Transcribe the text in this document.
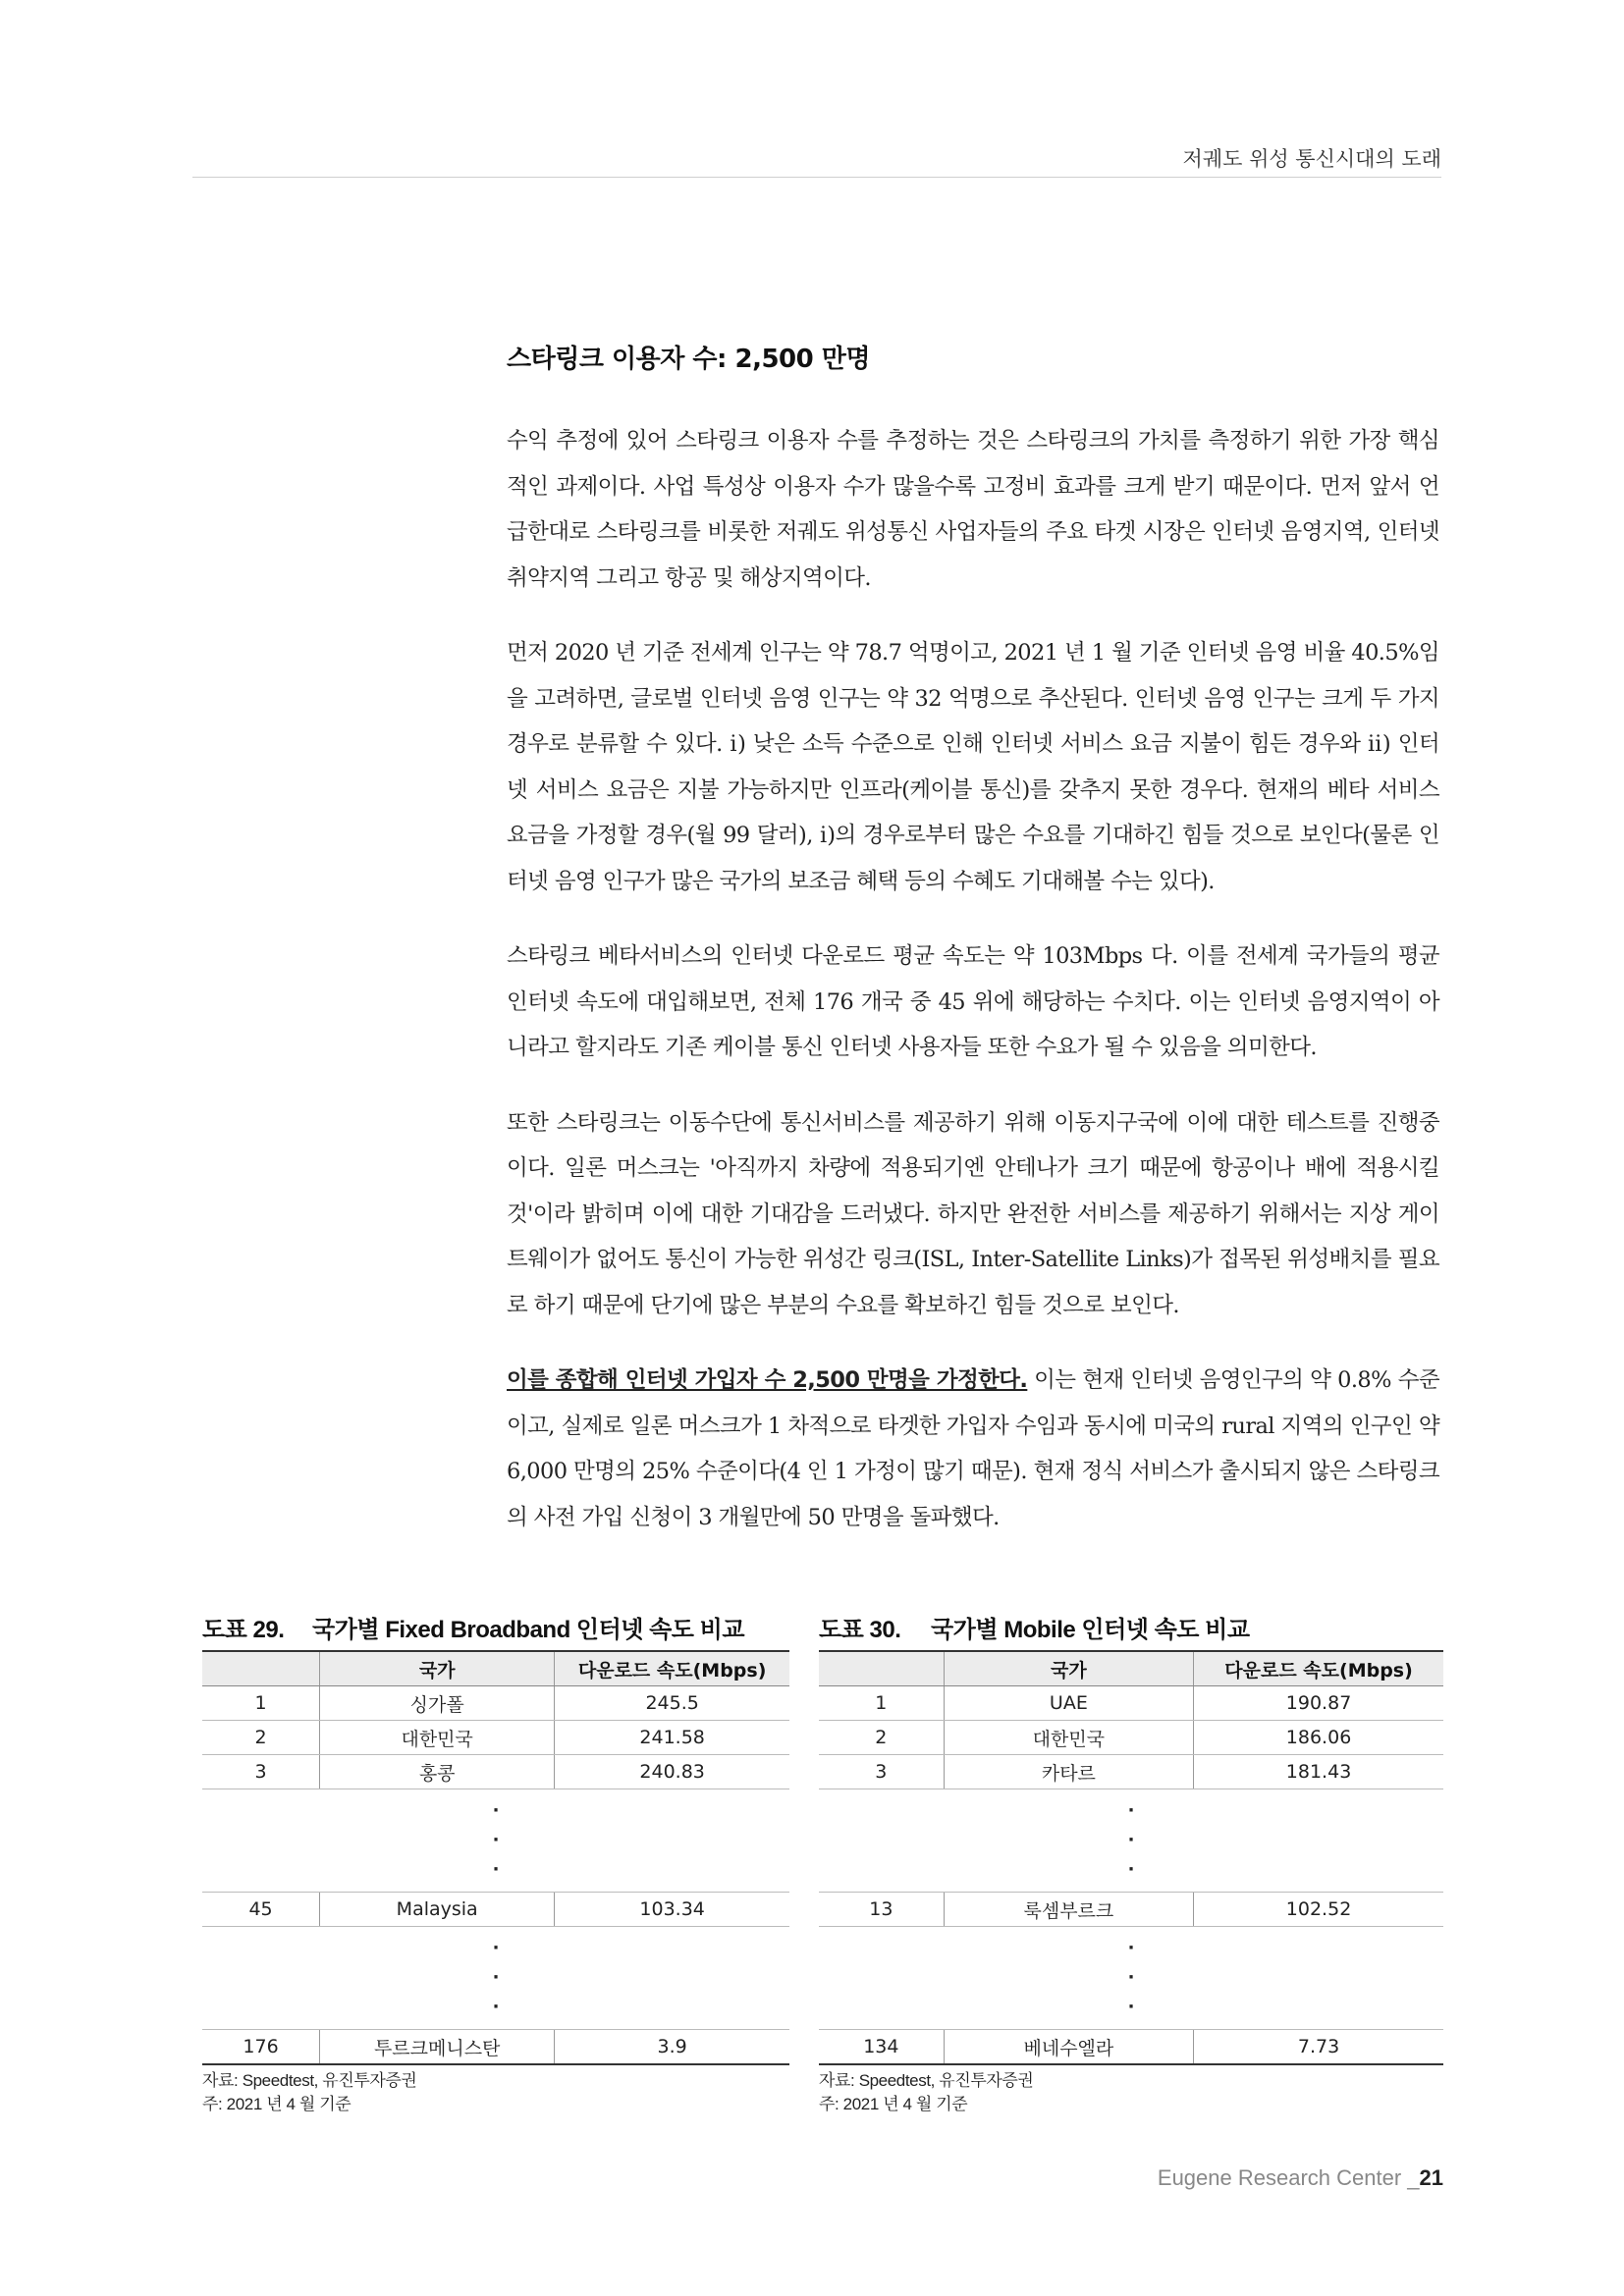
저궤도 위성 통신시대의 도래
스타링크 이용자 수: 2,500 만명

수익 추정에 있어 스타링크 이용자 수를 추정하는 것은 스타링크의 가치를 측정하기 위한 가장 핵심적인 과제이다. 사업 특성상 이용자 수가 많을수록 고정비 효과를 크게 받기 때문이다. 먼저 앞서 언급한대로 스타링크를 비롯한 저궤도 위성통신 사업자들의 주요 타겟 시장은 인터넷 음영지역, 인터넷 취약지역 그리고 항공 및 해상지역이다.

먼저 2020 년 기준 전세계 인구는 약 78.7 억명이고, 2021 년 1 월 기준 인터넷 음영 비율 40.5%임을 고려하면, 글로벌 인터넷 음영 인구는 약 32 억명으로 추산된다. 인터넷 음영 인구는 크게 두 가지 경우로 분류할 수 있다. ⅰ) 낮은 소득 수준으로 인해 인터넷 서비스 요금 지불이 힘든 경우와 ⅱ) 인터넷 서비스 요금은 지불 가능하지만 인프라(케이블 통신)를 갖추지 못한 경우다. 현재의 베타 서비스 요금을 가정할 경우(월 99 달러), ⅰ)의 경우로부터 많은 수요를 기대하긴 힘들 것으로 보인다(물론 인터넷 음영 인구가 많은 국가의 보조금 혜택 등의 수혜도 기대해볼 수는 있다).

스타링크 베타서비스의 인터넷 다운로드 평균 속도는 약 103Mbps 다. 이를 전세계 국가들의 평균 인터넷 속도에 대입해보면, 전체 176 개국 중 45 위에 해당하는 수치다. 이는 인터넷 음영지역이 아니라고 할지라도 기존 케이블 통신 인터넷 사용자들 또한 수요가 될 수 있음을 의미한다.

또한 스타링크는 이동수단에 통신서비스를 제공하기 위해 이동지구국에 이에 대한 테스트를 진행중이다. 일론 머스크는 '아직까지 차량에 적용되기엔 안테나가 크기 때문에 항공이나 배에 적용시킬 것'이라 밝히며 이에 대한 기대감을 드러냈다. 하지만 완전한 서비스를 제공하기 위해서는 지상 게이트웨이가 없어도 통신이 가능한 위성간 링크(ISL, Inter-Satellite Links)가 접목된 위성배치를 필요로 하기 때문에 단기에 많은 부분의 수요를 확보하긴 힘들 것으로 보인다.

이를 종합해 인터넷 가입자 수 2,500 만명을 가정한다. 이는 현재 인터넷 음영인구의 약 0.8% 수준이고, 실제로 일론 머스크가 1 차적으로 타겟한 가입자 수임과 동시에 미국의 rural 지역의 인구인 약 6,000 만명의 25% 수준이다(4 인 1 가정이 많기 때문). 현재 정식 서비스가 출시되지 않은 스타링크의 사전 가입 신청이 3 개월만에 50 만명을 돌파했다.

도표 29.	국가별 Fixed Broadband 인터넷 속도 비교
	국가	다운로드 속도(Mbps)
1	싱가폴	245.5
2	대한민국	241.58
3	홍콩	240.83
·
·
·		
45	Malaysia	103.34
·
·
·		
176	투르크메니스탄	3.9
자료: Speedtest, 유진투자증권
주: 2021 년 4 월 기준
도표 30.	국가별 Mobile 인터넷 속도 비교
	국가	다운로드 속도(Mbps)
1	UAE	190.87
2	대한민국	186.06
3	카타르	181.43
·
·
·		
13	룩셈부르크	102.52
·
·
·		
134	베네수엘라	7.73
자료: Speedtest, 유진투자증권
주: 2021 년 4 월 기준
Eugene Research Center _21
